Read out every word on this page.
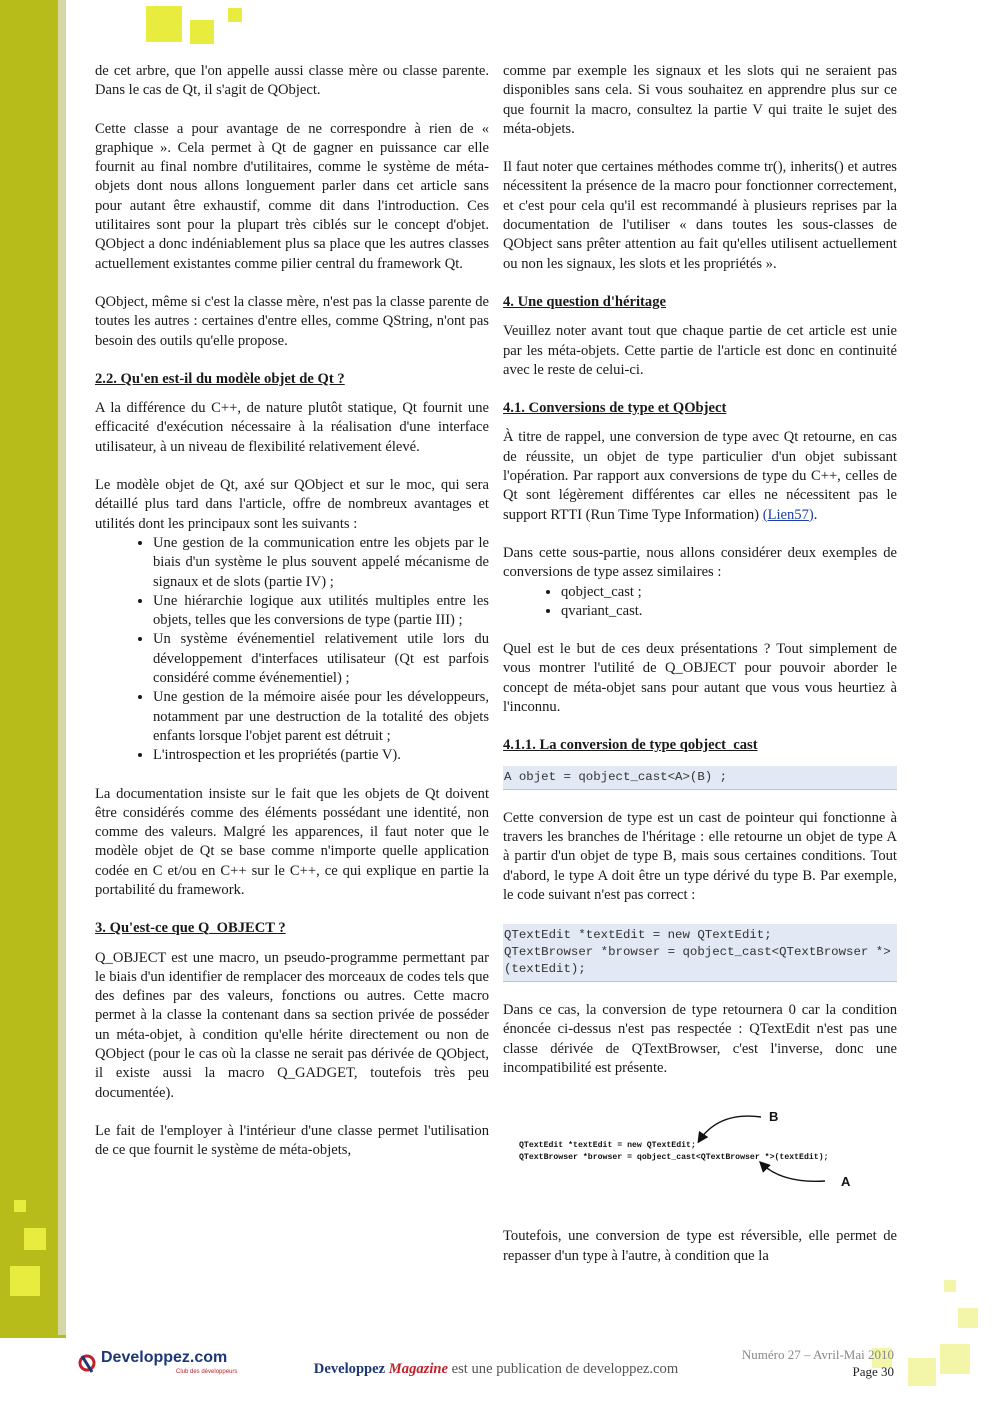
de cet arbre, que l'on appelle aussi classe mère ou classe parente. Dans le cas de Qt, il s'agit de QObject.

Cette classe a pour avantage de ne correspondre à rien de « graphique ». Cela permet à Qt de gagner en puissance car elle fournit au final nombre d'utilitaires, comme le système de méta-objets dont nous allons longuement parler dans cet article sans pour autant être exhaustif, comme dit dans l'introduction. Ces utilitaires sont pour la plupart très ciblés sur le concept d'objet. QObject a donc indéniablement plus sa place que les autres classes actuellement existantes comme pilier central du framework Qt.

QObject, même si c'est la classe mère, n'est pas la classe parente de toutes les autres : certaines d'entre elles, comme QString, n'ont pas besoin des outils qu'elle propose.

2.2. Qu'en est-il du modèle objet de Qt ?

A la différence du C++, de nature plutôt statique, Qt fournit une efficacité d'exécution nécessaire à la réalisation d'une interface utilisateur, à un niveau de flexibilité relativement élevé.

Le modèle objet de Qt, axé sur QObject et sur le moc, qui sera détaillé plus tard dans l'article, offre de nombreux avantages et utilités dont les principaux sont les suivants :

• Une gestion de la communication entre les objets par le biais d'un système le plus souvent appelé mécanisme de signaux et de slots (partie IV) ;
• Une hiérarchie logique aux utilités multiples entre les objets, telles que les conversions de type (partie III) ;
• Un système événementiel relativement utile lors du développement d'interfaces utilisateur (Qt est parfois considéré comme événementiel) ;
• Une gestion de la mémoire aisée pour les développeurs, notamment par une destruction de la totalité des objets enfants lorsque l'objet parent est détruit ;
• L'introspection et les propriétés (partie V).

La documentation insiste sur le fait que les objets de Qt doivent être considérés comme des éléments possédant une identité, non comme des valeurs. Malgré les apparences, il faut noter que le modèle objet de Qt se base comme n'importe quelle application codée en C et/ou en C++ sur le C++, ce qui explique en partie la portabilité du framework.

3. Qu'est-ce que Q_OBJECT ?

Q_OBJECT est une macro, un pseudo-programme permettant par le biais d'un identifier de remplacer des morceaux de codes tels que des defines par des valeurs, fonctions ou autres. Cette macro permet à la classe la contenant dans sa section privée de posséder un méta-objet, à condition qu'elle hérite directement ou non de QObject (pour le cas où la classe ne serait pas dérivée de QObject, il existe aussi la macro Q_GADGET, toutefois très peu documentée).

Le fait de l'employer à l'intérieur d'une classe permet l'utilisation de ce que fournit le système de méta-objets,

comme par exemple les signaux et les slots qui ne seraient pas disponibles sans cela. Si vous souhaitez en apprendre plus sur ce que fournit la macro, consultez la partie V qui traite le sujet des méta-objets.

Il faut noter que certaines méthodes comme tr(), inherits() et autres nécessitent la présence de la macro pour fonctionner correctement, et c'est pour cela qu'il est recommandé à plusieurs reprises par la documentation de l'utiliser « dans toutes les sous-classes de QObject sans prêter attention au fait qu'elles utilisent actuellement ou non les signaux, les slots et les propriétés ».

4. Une question d'héritage

Veuillez noter avant tout que chaque partie de cet article est unie par les méta-objets. Cette partie de l'article est donc en continuité avec le reste de celui-ci.

4.1. Conversions de type et QObject

À titre de rappel, une conversion de type avec Qt retourne, en cas de réussite, un objet de type particulier d'un objet subissant l'opération. Par rapport aux conversions de type du C++, celles de Qt sont légèrement différentes car elles ne nécessitent pas le support RTTI (Run Time Type Information) (Lien57).

Dans cette sous-partie, nous allons considérer deux exemples de conversions de type assez similaires :

• qobject_cast ;
• qvariant_cast.

Quel est le but de ces deux présentations ? Tout simplement de vous montrer l'utilité de Q_OBJECT pour pouvoir aborder le concept de méta-objet sans pour autant que vous vous heurtiez à l'inconnu.

4.1.1. La conversion de type qobject_cast
A objet = qobject_cast<A>(B) ;

Cette conversion de type est un cast de pointeur qui fonctionne à travers les branches de l'héritage : elle retourne un objet de type A à partir d'un objet de type B, mais sous certaines conditions. Tout d'abord, le type A doit être un type dérivé du type B. Par exemple, le code suivant n'est pas correct :

QTextEdit *textEdit = new QTextEdit;
QTextBrowser *browser = qobject_cast<QTextBrowser *>(textEdit);

Dans ce cas, la conversion de type retournera 0 car la condition énoncée ci-dessus n'est pas respectée : QTextEdit n'est pas une classe dérivée de QTextBrowser, c'est l'inverse, donc une incompatibilité est présente.

B
A
QTextEdit *textEdit = new QTextEdit;
QTextBrowser *browser = qobject_cast<QTextBrowser *>(textEdit);

Toutefois, une conversion de type est réversible, elle permet de repasser d'un type à l'autre, à condition que la

Developpez.com
Club des développeurs	Developpez Magazine est une publication de developpez.com
Numéro 27 – Avril-Mai 2010
Page 30
